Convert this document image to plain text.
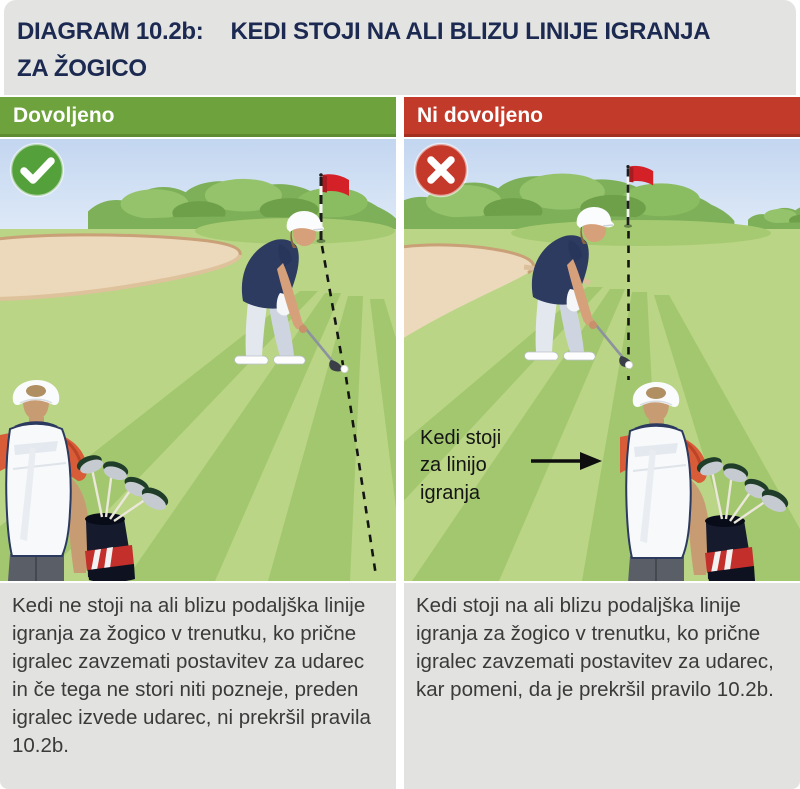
DIAGRAM 10.2b: KEDI STOJI NA ALI BLIZU LINIJE IGRANJA
ZA ŽOGICO
Dovoljeno
Kedi ne stoji na ali blizu podaljška linije igranja za žogico v trenutku, ko prične igralec zavzemati postavitev za udarec in če tega ne stori niti pozneje, preden igralec izvede udarec, ni prekršil pravila 10.2b.
Ni dovoljeno
Kedi stoji
za linijo
igranja
Kedi stoji na ali blizu podaljška linije igranja za žogico v trenutku, ko prične igralec zavzemati postavitev za udarec, kar pomeni, da je prekršil pravilo 10.2b.
